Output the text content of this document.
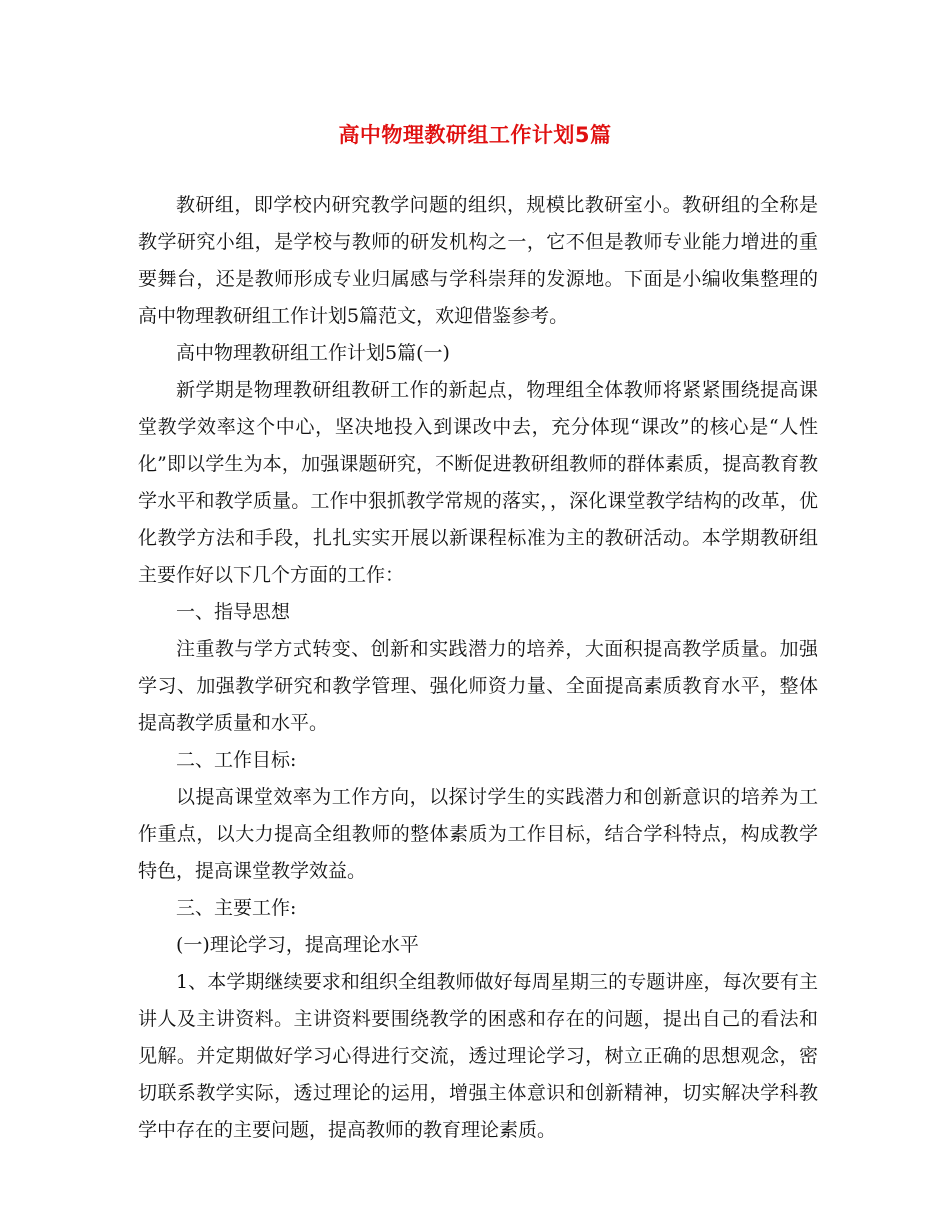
高中物理教研组工作计划5篇

教研组，即学校内研究教学问题的组织，规模比教研室小。教研组的全称是教学研究小组，是学校与教师的研发机构之一，它不但是教师专业能力增进的重要舞台，还是教师形成专业归属感与学科崇拜的发源地。下面是小编收集整理的高中物理教研组工作计划5篇范文，欢迎借鉴参考。

高中物理教研组工作计划5篇(一)

新学期是物理教研组教研工作的新起点，物理组全体教师将紧紧围绕提高课堂教学效率这个中心，坚决地投入到课改中去，充分体现“课改”的核心是“人性化”即以学生为本，加强课题研究，不断促进教研组教师的群体素质，提高教育教学水平和教学质量。工作中狠抓教学常规的落实，，深化课堂教学结构的改革，优化教学方法和手段，扎扎实实开展以新课程标准为主的教研活动。本学期教研组主要作好以下几个方面的工作：

一、指导思想

注重教与学方式转变、创新和实践潜力的培养，大面积提高教学质量。加强学习、加强教学研究和教学管理、强化师资力量、全面提高素质教育水平，整体提高教学质量和水平。

二、工作目标:

以提高课堂效率为工作方向，以探讨学生的实践潜力和创新意识的培养为工作重点，以大力提高全组教师的整体素质为工作目标，结合学科特点，构成教学特色，提高课堂教学效益。

三、主要工作:

(一)理论学习，提高理论水平

1、本学期继续要求和组织全组教师做好每周星期三的专题讲座，每次要有主讲人及主讲资料。主讲资料要围绕教学的困惑和存在的问题，提出自己的看法和见解。并定期做好学习心得进行交流，透过理论学习，树立正确的思想观念，密切联系教学实际，透过理论的运用，增强主体意识和创新精神，切实解决学科教学中存在的主要问题，提高教师的教育理论素质。
